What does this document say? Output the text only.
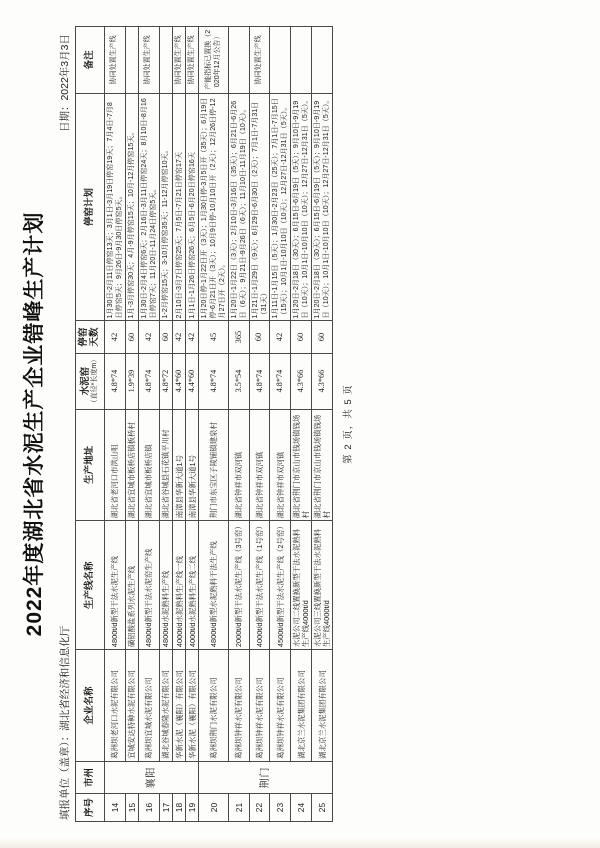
2022年度湖北省水泥生产企业错峰生产计划
填报单位（盖章）：湖北省经济和信息化厅
日期：2022年3月3日
序号	市州	企业名称	生产线名称	生产地址	水泥窑 （直径*长度m）	停窑 天数	停窑计划	备注
14	襄阳	葛洲坝老河口水泥有限公司	4800t/d新型干法水泥生产线	湖北省老河口市洪山咀	4.8*74	42	1月30日-2月11日停窑13天；3月1日-3月19日停窑19天；7月4日-7月8日停窑5天；9月26日-9月30日停窑5天。	协同处置生产线
15		宜城安达特种水泥有限公司	磺铝酸盐系列水泥生产线	湖北省宜城市板桥店镇板桥村	1.9*39	60	1月-3月停窑30天；4月-9月停窑15天；10月-12月停窑15天。	
16		葛洲坝宜城水泥有限公司	4800t/d新型干法水泥窑生产线	湖北省宜城市板桥店镇	4.8*74	42	1月30日-2月4日停窑6天；2月16日-3月11日停窑24天；8月10日-8月16日停窑7天；11月20日-11月24日停窑5天。	协同处置生产线
17		湖北谷城春隆水泥有限公司	4800t/d水泥熟料生产线	湖北省谷城县石花镇平川村	4.8*72	60	1-2月停窑15天；3-10月停窑35天；11-12月停窑10天。	
18		华新水泥（襄阳）有限公司	4000t/d水泥熟料生产线一线	南漳县华新大道1号	4.4*60	42	2月10日-3月7日停窑25天；7月5日-7月21日停窑17天	协同处置生产线
19		华新水泥（襄阳）有限公司	4000t/d水泥熟料生产线二线	南漳县华新大道1号	4.4*60	42	1月1日-1月26日停窑26天；6月5日-6月20日停窑16天	协同处置生产线
20	荆门	葛洲坝荆门水泥有限公司	4800t/d新型水泥熟料干法生产线	荆门市东宝区子陵铺镇建泉村	4.8*74	45	1月20日停-1月22日开（3天）；1月30日停-3月5日开（35天）；6月19日停-6月21日开（3天）；10月9日停-10月10日开（2天）；12月26日停-12月27日开（2天）。	产能指标已置换（2020年12月公告）
21		葛洲坝钟祥水泥有限公司	2000t/d新型干法水泥生产线（3号窑）	湖北省钟祥市双河镇	3.5*54	365	1月20日-1月22日（3天）；2月10日-3月16日（35天）；6月21日-6月26日（6天）；9月21日-9月26日（6天）；11月10日-11月19日（10天）。	
22		葛洲坝钟祥水泥有限公司	4000t/d新型干法水泥生产线（1号窑）	湖北省钟祥市双河镇	4.8*74	60	1月21日-1月29日（9天）；6月29日-6月30日（2天）；7月1日-7月31日（31天）	协同处置生产线
23		葛洲坝钟祥水泥有限公司	4500t/d新型干法水泥生产线（2号窑）	湖北省钟祥市双河镇	4.8*74	42	1月11日-1月15日（5天）；1月30日-2月23日（25天）；7月1日-7月15日（15天）；10月1日-10月10日（10天）；12月27日-12月31日（5天）。	
24		湖北京兰水泥集团有限公司	水泥公司二线置换新型干法水泥熟料生产线4000t/d	湖北省荆门市京山市钱场镇钱场村	4.3*66	60	1月20日-2月18日（30天）；6月15日-6月19日（5天）；9月10日-9月19日（10天）；10月1日-10月10日（10天）；12月27日-12月31日（5天）。	
25		湖北京兰水泥集团有限公司	水泥公司三线置换新型干法水泥熟料生产线4000t/d	湖北省荆门市京山市钱场镇钱场村	4.3*66	60	1月20日-2月18日（30天）；6月15日-6月19日（5天）；9月10日-9月19日（10天）；10月1日-10月10日（10天）；12月27日-12月31日（5天）。	
第 2 页，共 5 页
